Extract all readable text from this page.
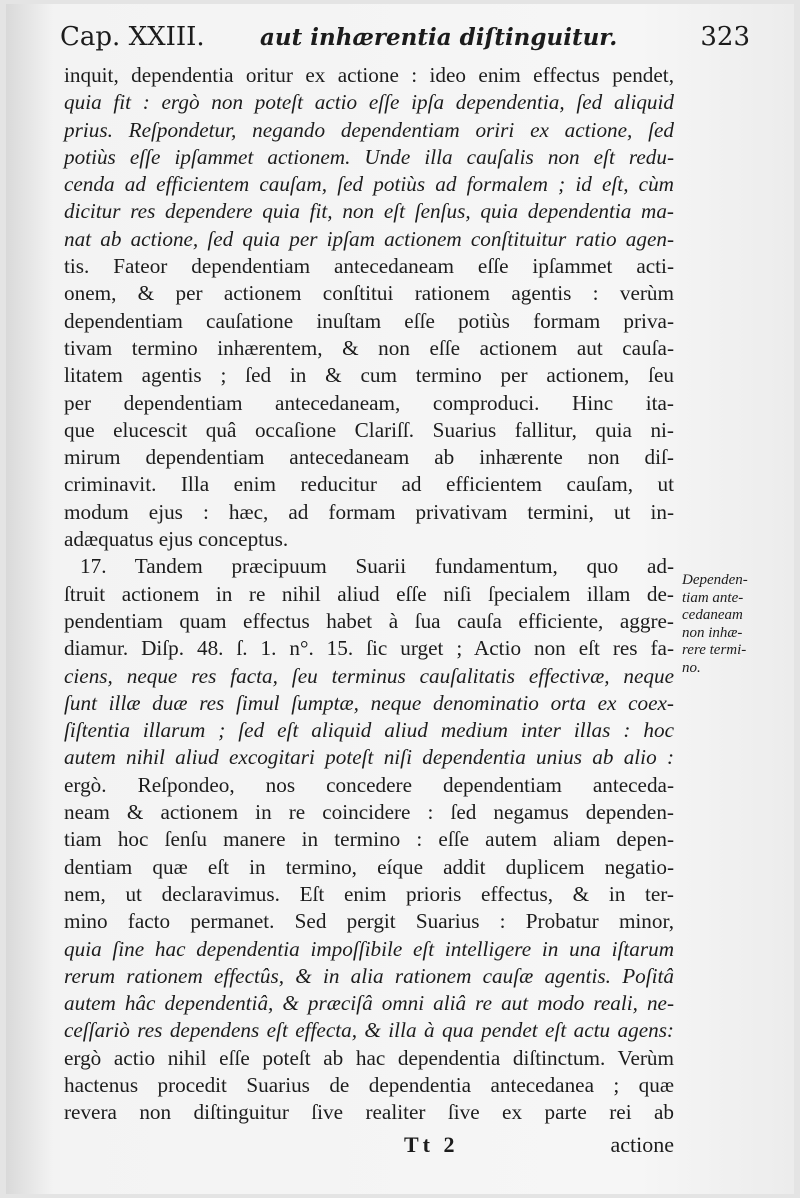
Cap. XXIII. aut inhærentia diſtinguitur.	323
inquit, dependentia oritur ex actione : ideo enim effectus pendet,
quia fit : ergò non poteſt actio eſſe ipſa dependentia, ſed aliquid
prius. Reſpondetur, negando dependentiam oriri ex actione, ſed
potiùs eſſe ipſammet actionem. Unde illa cauſalis non eſt redu-
cenda ad efficientem cauſam, ſed potiùs ad formalem ; id eſt, cùm
dicitur res dependere quia fit, non eſt ſenſus, quia dependentia ma-
nat ab actione, ſed quia per ipſam actionem conſtituitur ratio agen-
tis. Fateor dependentiam antecedaneam eſſe ipſammet acti-
onem, & per actionem conſtitui rationem agentis : verùm
dependentiam cauſatione inuſtam eſſe potiùs formam priva-
tivam termino inhærentem, & non eſſe actionem aut cauſa-
litatem agentis ; ſed in & cum termino per actionem, ſeu
per dependentiam antecedaneam, comproduci. Hinc ita-
que elucescit quâ occaſione Clariſſ. Suarius fallitur, quia ni-
mirum dependentiam antecedaneam ab inhærente non diſ-
criminavit. Illa enim reducitur ad efficientem cauſam, ut
modum ejus : hæc, ad formam privativam termini, ut in-
adæquatus ejus conceptus.
17. Tandem præcipuum Suarii fundamentum, quo ad-
ſtruit actionem in re nihil aliud eſſe niſi ſpecialem illam de-
pendentiam quam effectus habet à ſua cauſa efficiente, aggre-
diamur. Diſp. 48. ſ. 1. n°. 15. ſic urget ; Actio non eſt res fa-
ciens, neque res facta, ſeu terminus cauſalitatis effectivæ, neque
ſunt illæ duæ res ſimul ſumptæ, neque denominatio orta ex coex-
ſiſtentia illarum ; ſed eſt aliquid aliud medium inter illas : hoc
autem nihil aliud excogitari poteſt niſi dependentia unius ab alio :
ergò. Reſpondeo, nos concedere dependentiam anteceda-
neam & actionem in re coincidere : ſed negamus dependen-
tiam hoc ſenſu manere in termino : eſſe autem aliam depen-
dentiam quæ eſt in termino, eíque addit duplicem negatio-
nem, ut declaravimus. Eſt enim prioris effectus, & in ter-
mino facto permanet. Sed pergit Suarius : Probatur minor,
quia ſine hac dependentia impoſſibile eſt intelligere in una iſtarum
rerum rationem effectûs, & in alia rationem cauſæ agentis. Poſitâ
autem hâc dependentiâ, & præciſâ omni aliâ re aut modo reali, ne-
ceſſariò res dependens eſt effecta, & illa à qua pendet eſt actu agens:
ergò actio nihil eſſe poteſt ab hac dependentia diſtinctum. Verùm
hactenus procedit Suarius de dependentia antecedanea ; quæ
revera non diſtinguitur ſive realiter ſive ex parte rei ab
Dependen-
tiam ante-
cedaneam
non inhæ-
rere termi-
no.
Tt 2	actione
